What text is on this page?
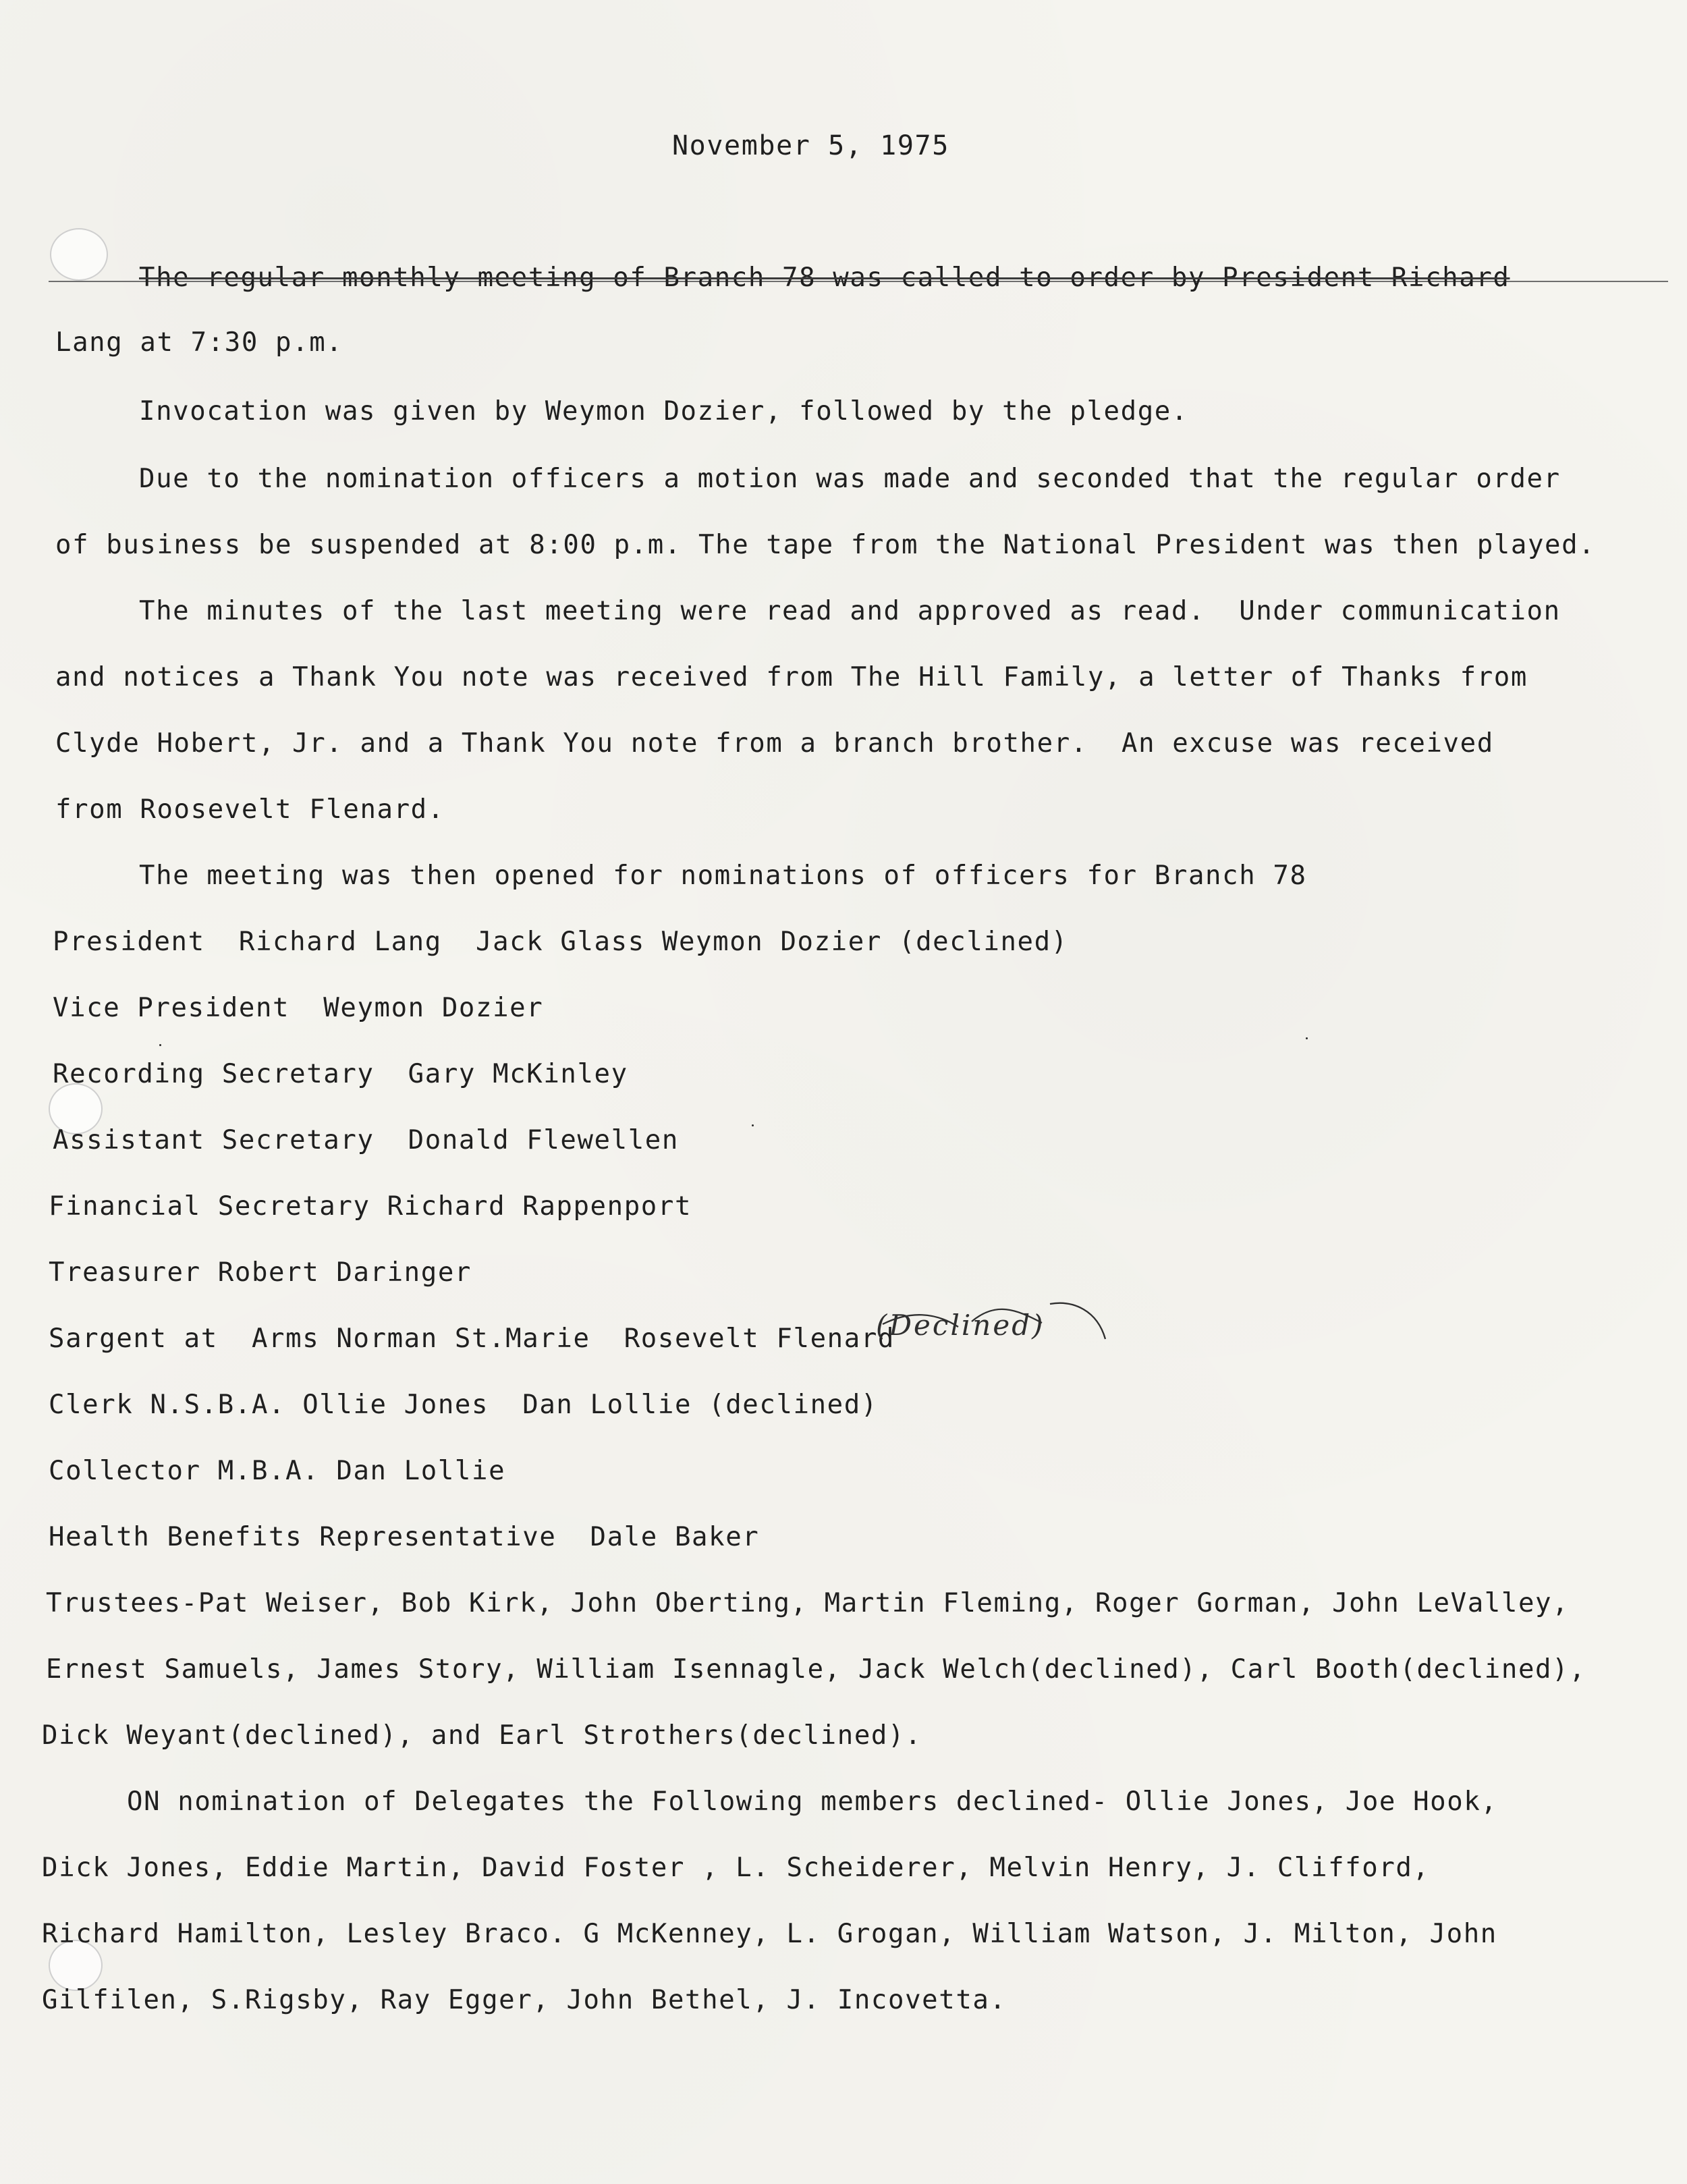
November 5, 1975
The regular monthly meeting of Branch 78 was called to order by President Richard
Lang at 7:30 p.m.
Invocation was given by Weymon Dozier, followed by the pledge.
Due to the nomination officers a motion was made and seconded that the regular order
of business be suspended at 8:00 p.m. The tape from the National President was then played.
The minutes of the last meeting were read and approved as read.  Under communication
and notices a Thank You note was received from The Hill Family, a letter of Thanks from
Clyde Hobert, Jr. and a Thank You note from a branch brother.  An excuse was received
from Roosevelt Flenard.
The meeting was then opened for nominations of officers for Branch 78
President  Richard Lang  Jack Glass Weymon Dozier (declined)
Vice President  Weymon Dozier
Recording Secretary  Gary McKinley
Assistant Secretary  Donald Flewellen
Financial Secretary Richard Rappenport
Treasurer Robert Daringer
Sargent at  Arms Norman St.Marie  Rosevelt Flenard
(Declined)
Clerk N.S.B.A. Ollie Jones  Dan Lollie (declined)
Collector M.B.A. Dan Lollie
Health Benefits Representative  Dale Baker
Trustees-Pat Weiser, Bob Kirk, John Oberting, Martin Fleming, Roger Gorman, John LeValley,
Ernest Samuels, James Story, William Isennagle, Jack Welch(declined), Carl Booth(declined),
Dick Weyant(declined), and Earl Strothers(declined).
ON nomination of Delegates the Following members declined- Ollie Jones, Joe Hook,
Dick Jones, Eddie Martin, David Foster , L. Scheiderer, Melvin Henry, J. Clifford,
Richard Hamilton, Lesley Braco. G McKenney, L. Grogan, William Watson, J. Milton, John
Gilfilen, S.Rigsby, Ray Egger, John Bethel, J. Incovetta.
